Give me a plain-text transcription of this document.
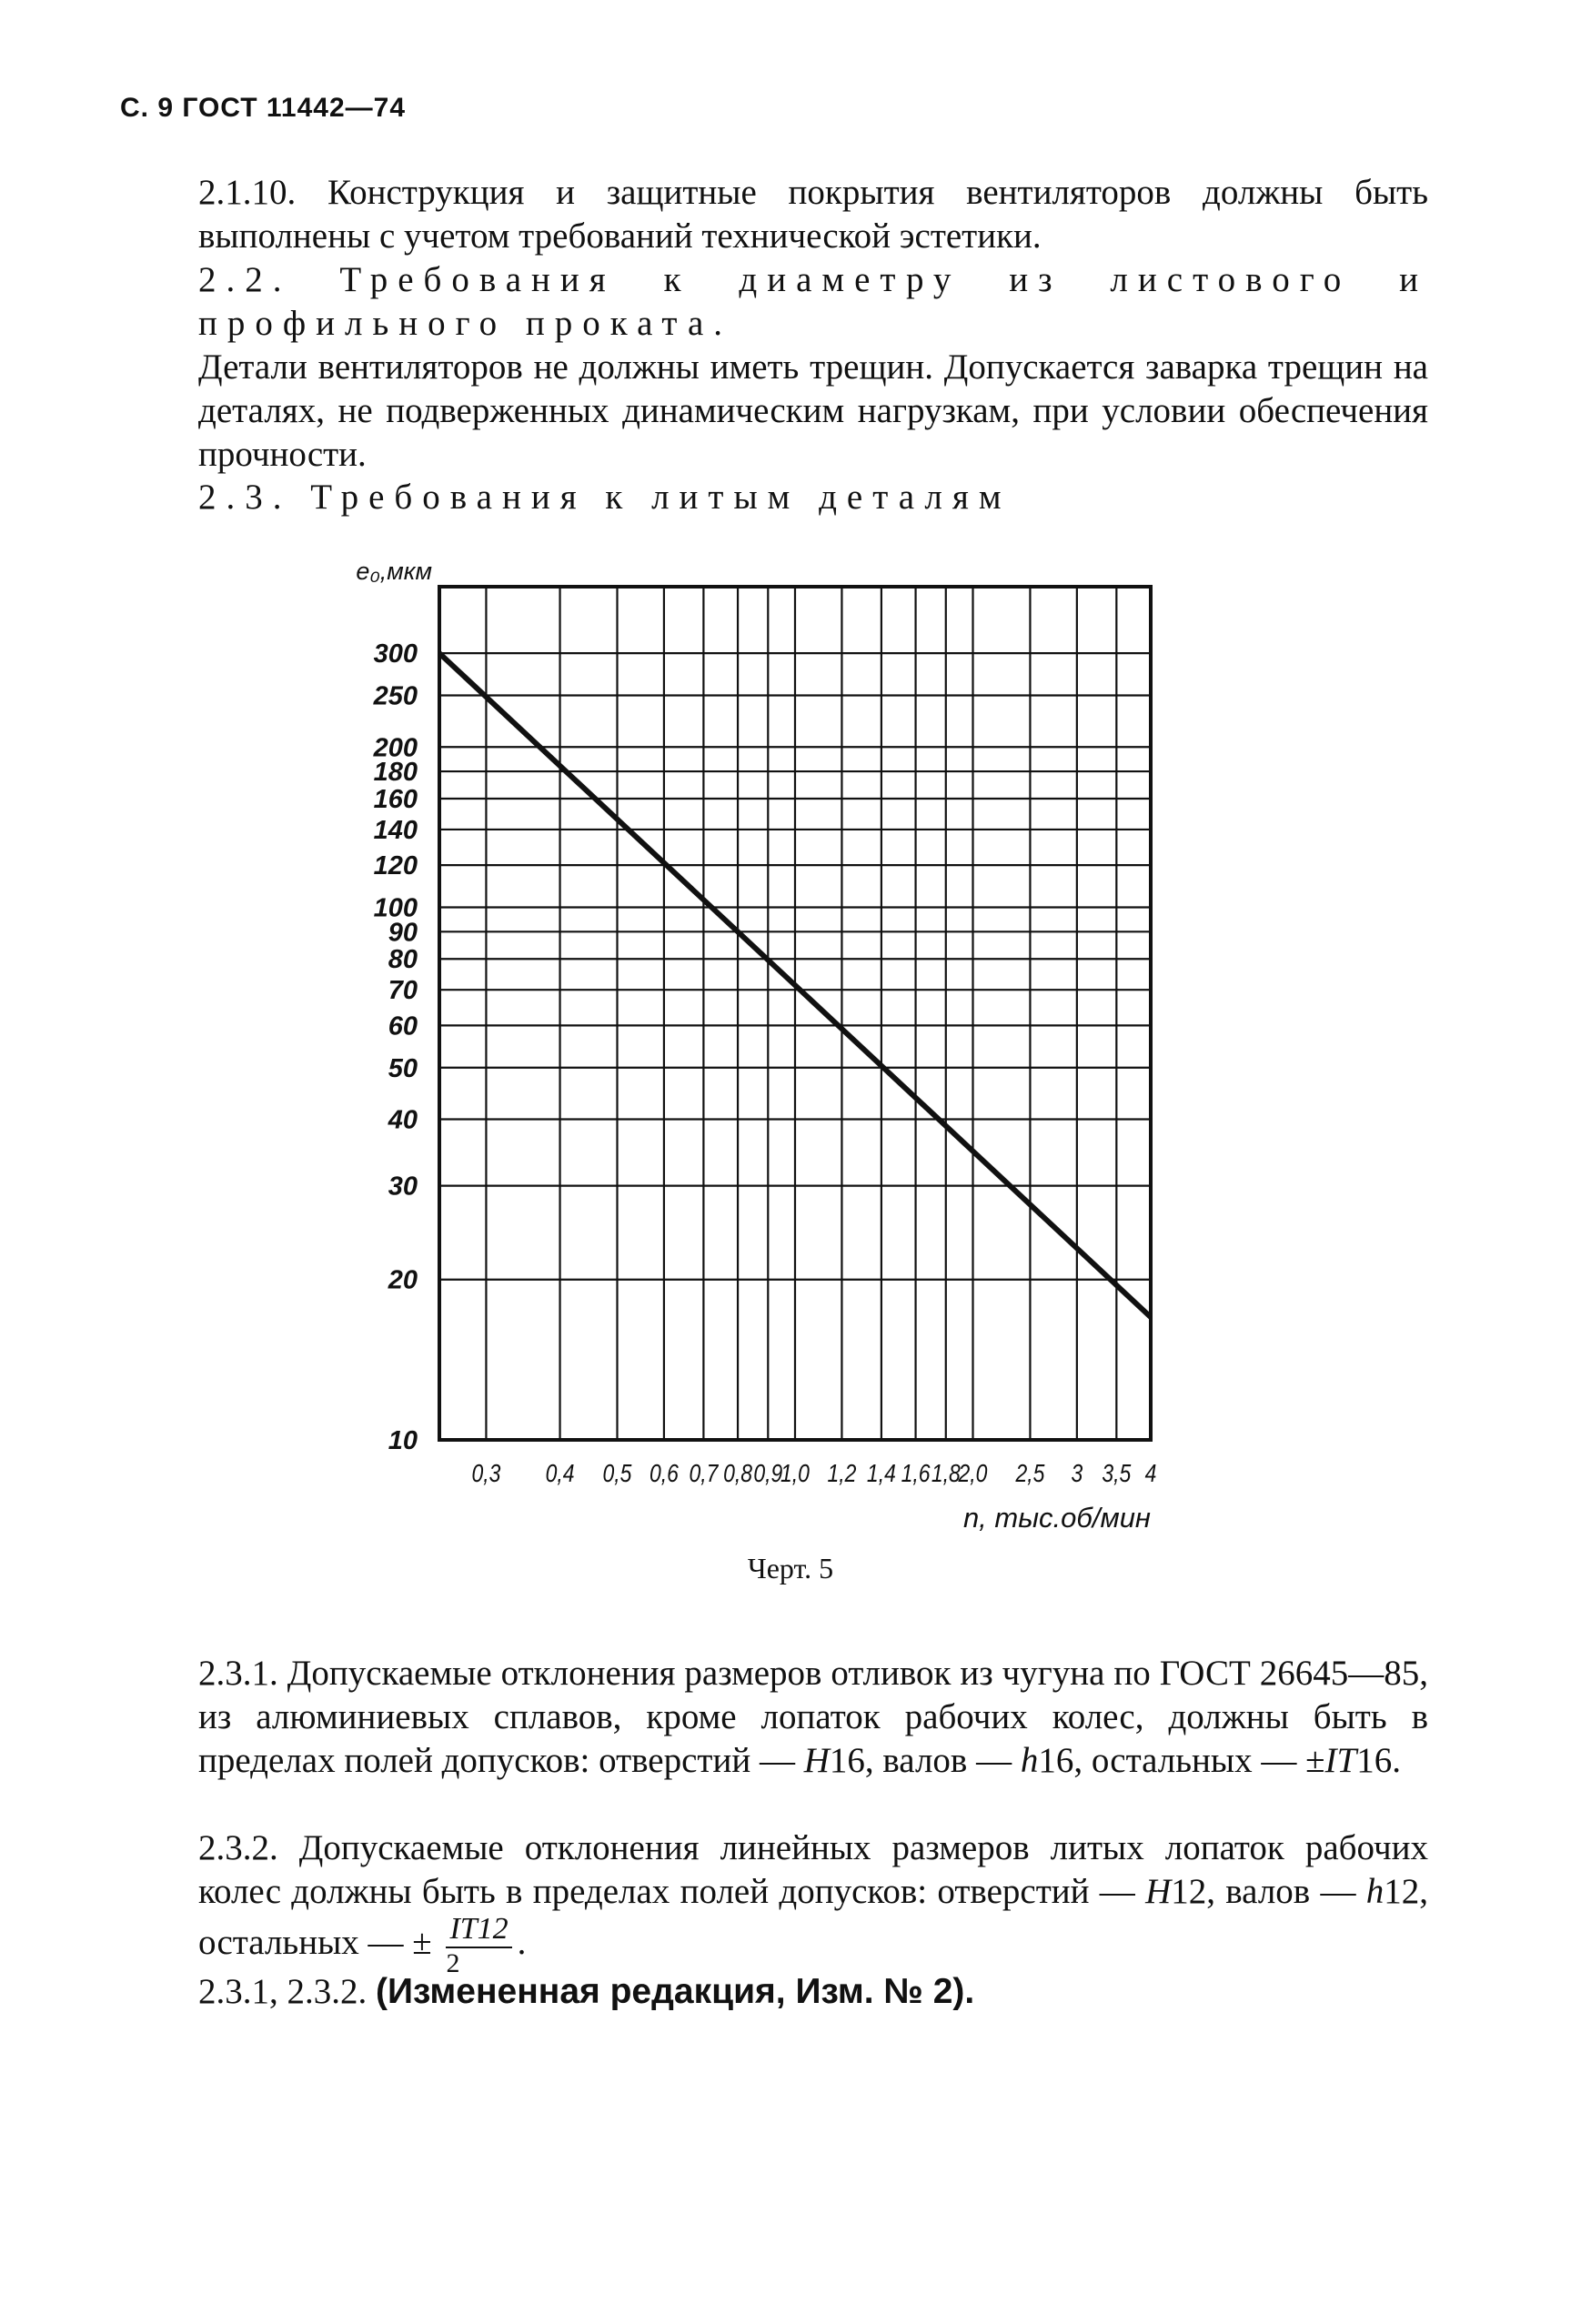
С. 9 ГОСТ 11442—74
2.1.10. Конструкция и защитные покрытия вентиляторов должны быть выполнены с учетом требований технической эстетики.
2.2. Требования к диаметру из листового и профильного проката.
Детали вентиляторов не должны иметь трещин. Допускается заварка трещин на деталях, не подверженных динамическим нагрузкам, при условии обеспечения прочности.
2.3. Требования к литым деталям
0,3 0,4 0,5 0,6 0,7 0,8 0,9
1,0 1,2 1,4 1,6 1,8
2,0 2,5 3 3,5 4
10
20
30
40
50
60
70
80
90
100
120
140
160
180
200
250
300
e₀,мкм
n, тыс.об/мин
Черт. 5
2.3.1. Допускаемые отклонения размеров отливок из чугуна по ГОСТ 26645—85, из алюминиевых сплавов, кроме лопаток рабочих колес, должны быть в пределах полей допусков: отверстий — H16, валов — h16, остальных — ±IT16.
2.3.2. Допускаемые отклонения линейных размеров литых лопаток рабочих колес должны быть в пределах полей допусков: отверстий — H12, валов — h12, остальных — ± $\frac{IT12}{2}$ .
2.3.1, 2.3.2. (Измененная редакция, Изм. № 2).
